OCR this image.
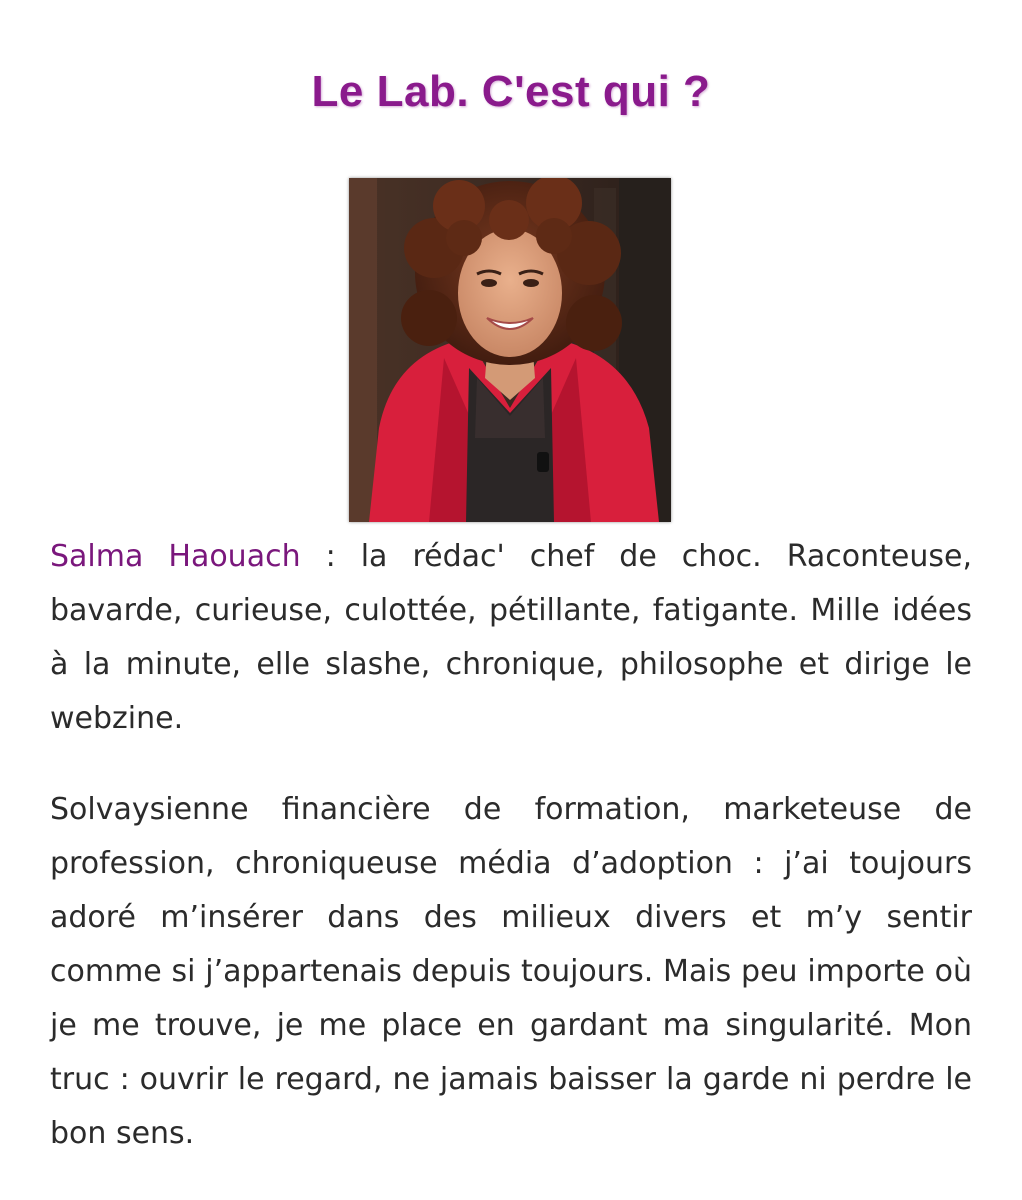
Le Lab. C'est qui ?

Salma Haouach : la rédac' chef de choc. Raconteuse, bavarde, curieuse, culottée, pétillante, fatigante. Mille idées à la minute, elle slashe, chronique, philosophe et dirige le webzine.

Solvaysienne financière de formation, marketeuse de profession, chroniqueuse média d’adoption : j’ai toujours adoré m’insérer dans des milieux divers et m’y sentir comme si j’appartenais depuis toujours. Mais peu importe où je me trouve, je me place en gardant ma singularité. Mon truc : ouvrir le regard, ne jamais baisser la garde ni perdre le bon sens.
